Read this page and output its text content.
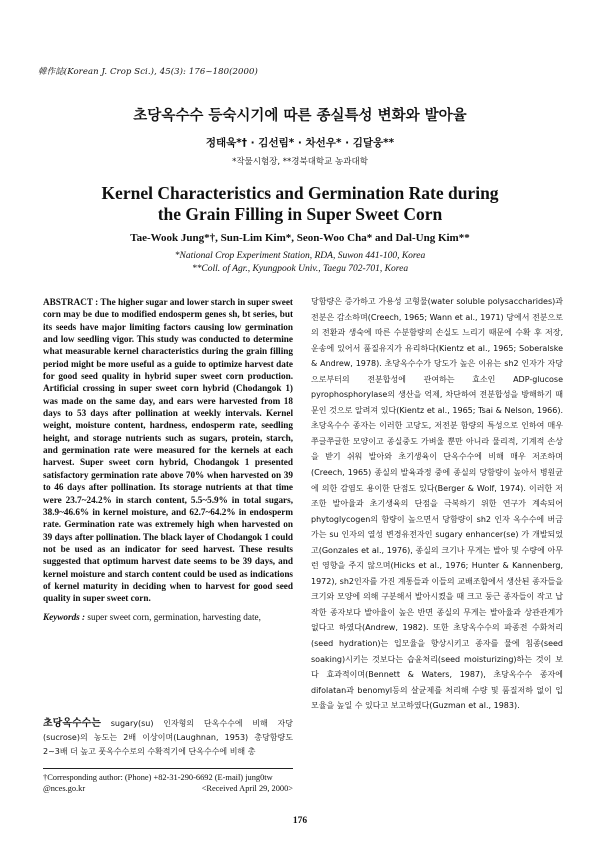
韓作誌(Korean J. Crop Sci.), 45(3): 176~180(2000)
초당옥수수 등숙시기에 따른 종실특성 변화와 발아율
정태욱*† · 김선림* · 차선우* · 김달웅**
*작물시험장, **경북대학교 농과대학
Kernel Characteristics and Germination Rate during
the Grain Filling in Super Sweet Corn
Tae-Wook Jung*†, Sun-Lim Kim*, Seon-Woo Cha* and Dal-Ung Kim**
*National Crop Experiment Station, RDA, Suwon 441-100, Korea
**Coll. of Agr., Kyungpook Univ., Taegu 702-701, Korea

ABSTRACT : The higher sugar and lower starch in super sweet corn may be due to modified endosperm genes sh, bt series, but its seeds have major limiting factors causing low germination and low seedling vigor. This study was conducted to determine what measurable kernel characteristics during the grain filling period might be more useful as a guide to optimize harvest date for good seed quality in hybrid super sweet corn production. Artificial crossing in super sweet corn hybrid (Chodangok 1) was made on the same day, and ears were harvested from 18 days to 53 days after pollination at weekly intervals. Kernel weight, moisture content, hardness, endosperm rate, seedling height, and storage nutrients such as sugars, protein, starch, and germination rate were measured for the kernels at each harvest. Super sweet corn hybrid, Chodangok 1 presented satisfactory germination rate above 70% when harvested on 39 to 46 days after pollination. Its storage nutrients at that time were 23.7~24.2% in starch content, 5.5~5.9% in total sugars, 38.9~46.6% in kernel moisture, and 62.7~64.2% in endosperm rate. Germination rate was extremely high when harvested on 39 days after pollination. The black layer of Chodangok 1 could not be used as an indicator for seed harvest. These results suggested that optimum harvest date seems to be 39 days, and kernel moisture and starch content could be used as indications of kernel maturity in deciding when to harvest for good seed quality in super sweet corn.

Keywords : super sweet corn, germination, harvesting date,

초당옥수수는 sugary(su) 인자형의 단옥수수에 비해 자당(sucrose)의 농도는 2배 이상이며(Laughnan, 1953) 총당함량도 2~3배 더 높고 풋옥수수로의 수확적기에 단옥수수에 비해 총

†Corresponding author: (Phone) +82-31-290-6692 (E-mail) jung0tw
@nces.go.kr	<Received April 29, 2000>

당함량은 증가하고 가용성 고형물(water soluble polysaccharides)과 전분은 감소하며(Creech, 1965; Wann et al., 1971) 당에서 전분으로의 전환과 생숙에 따른 수분함량의 손실도 느리기 때문에 수확 후 저장, 운송에 있어서 품질유지가 유리하다(Kientz et al., 1965; Soberalske & Andrew, 1978). 초당옥수수가 당도가 높은 이유는 sh2 인자가 자당으로부터의 전분합성에 관여하는 효소인 ADP-glucose pyrophosphorylase의 생산을 억제, 차단하여 전분합성을 방해하기 때문인 것으로 알려져 있다(Kientz et al., 1965; Tsai & Nelson, 1966). 초당옥수수 종자는 이러한 고당도, 저전분 함량의 특성으로 인하여 매우 쭈글쭈글한 모양이고 종실중도 가벼울 뿐만 아니라 물리적, 기계적 손상을 받기 쉬워 발아와 초기생육이 단옥수수에 비해 매우 저조하며(Creech, 1965) 종실의 발육과정 중에 종실의 당함량이 높아서 병원균에 의한 감염도 용이한 단점도 있다(Berger & Wolf, 1974). 이러한 저조한 발아율과 초기생육의 단점을 극복하기 위한 연구가 계속되어 phytoglycogen의 함량이 높으면서 당함량이 sh2 인자 옥수수에 버금가는 su 인자의 열성 변경유전자인 sugary enhancer(se) 가 개발되었고(Gonzales et al., 1976), 종실의 크기나 무게는 발아 및 수량에 아무런 영향을 주지 않으며(Hicks et al., 1976; Hunter & Kannenberg, 1972), sh2인자를 가진 계통들과 이들의 교배조합에서 생산된 종자들을 크기와 모양에 의해 구분해서 발아시켰을 때 크고 둥근 종자들이 작고 납작한 종자보다 발아율이 높은 반면 종실의 무게는 발아율과 상관관계가 없다고 하였다(Andrew, 1982). 또한 초당옥수수의 파종전 수화처리(seed hydration)는 입모율을 향상시키고 종자를 물에 침종(seed soaking)시키는 것보다는 습윤처리(seed moisturizing)하는 것이 보다 효과적이며(Bennett & Waters, 1987), 초당옥수수 종자에 difolatan과 benomyl등의 살균제를 처리해 수량 및 품질저하 없이 입모율을 높일 수 있다고 보고하였다(Guzman et al., 1983).

176
